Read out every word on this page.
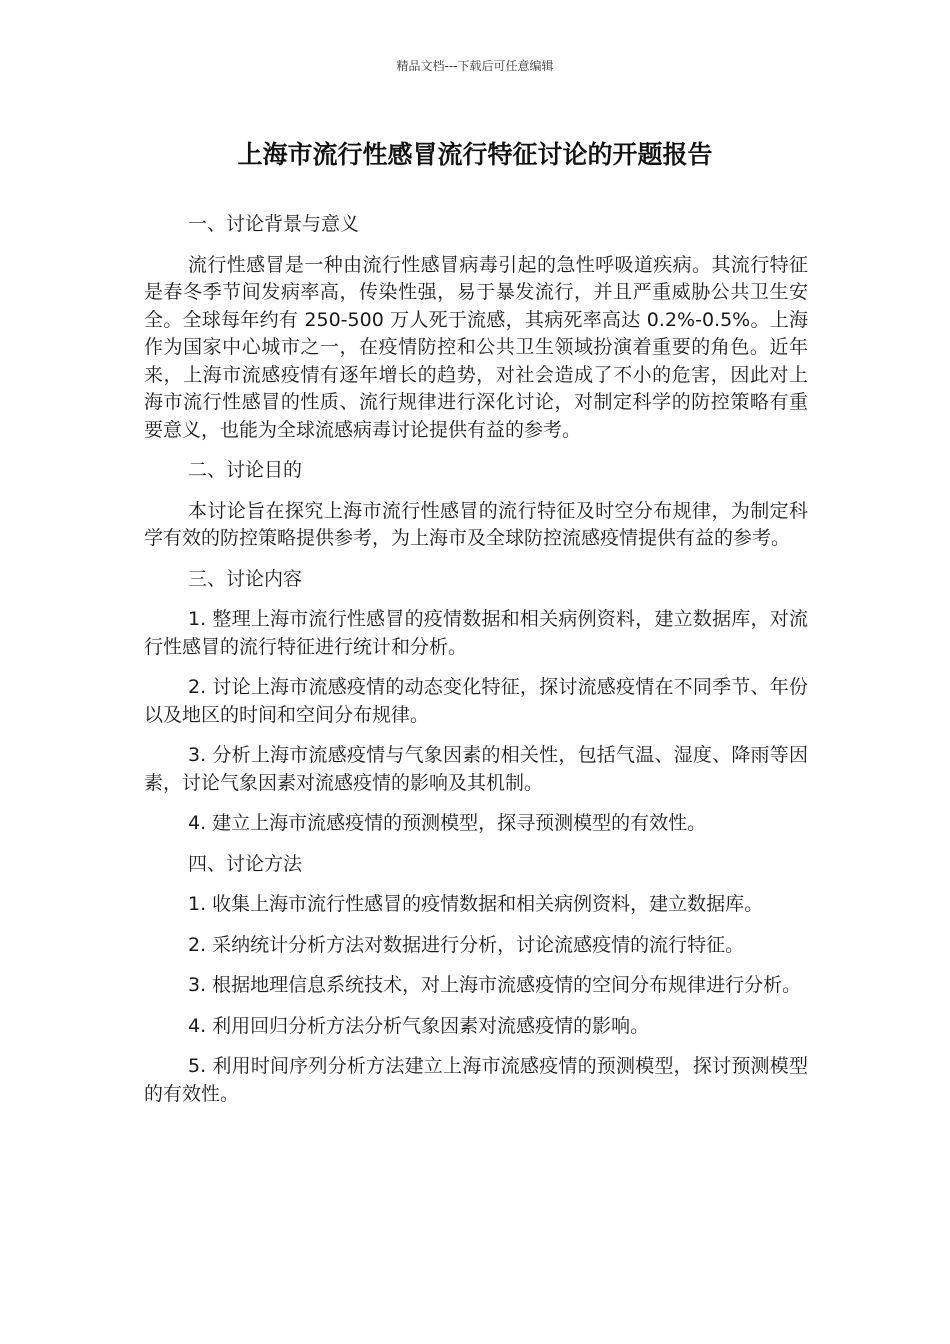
精品文档---下载后可任意编辑
上海市流行性感冒流行特征讨论的开题报告

一、讨论背景与意义

流行性感冒是一种由流行性感冒病毒引起的急性呼吸道疾病。其流行特征是春冬季节间发病率高，传染性强，易于暴发流行，并且严重威胁公共卫生安全。全球每年约有 250-500 万人死于流感，其病死率高达 0.2%-0.5%。上海作为国家中心城市之一，在疫情防控和公共卫生领域扮演着重要的角色。近年来，上海市流感疫情有逐年增长的趋势，对社会造成了不小的危害，因此对上海市流行性感冒的性质、流行规律进行深化讨论，对制定科学的防控策略有重要意义，也能为全球流感病毒讨论提供有益的参考。

二、讨论目的

本讨论旨在探究上海市流行性感冒的流行特征及时空分布规律，为制定科学有效的防控策略提供参考，为上海市及全球防控流感疫情提供有益的参考。

三、讨论内容

1. 整理上海市流行性感冒的疫情数据和相关病例资料，建立数据库，对流行性感冒的流行特征进行统计和分析。

2. 讨论上海市流感疫情的动态变化特征，探讨流感疫情在不同季节、年份以及地区的时间和空间分布规律。

3. 分析上海市流感疫情与气象因素的相关性，包括气温、湿度、降雨等因素，讨论气象因素对流感疫情的影响及其机制。

4. 建立上海市流感疫情的预测模型，探寻预测模型的有效性。

四、讨论方法

1. 收集上海市流行性感冒的疫情数据和相关病例资料，建立数据库。

2. 采纳统计分析方法对数据进行分析，讨论流感疫情的流行特征。

3. 根据地理信息系统技术，对上海市流感疫情的空间分布规律进行分析。

4. 利用回归分析方法分析气象因素对流感疫情的影响。

5. 利用时间序列分析方法建立上海市流感疫情的预测模型，探讨预测模型的有效性。
